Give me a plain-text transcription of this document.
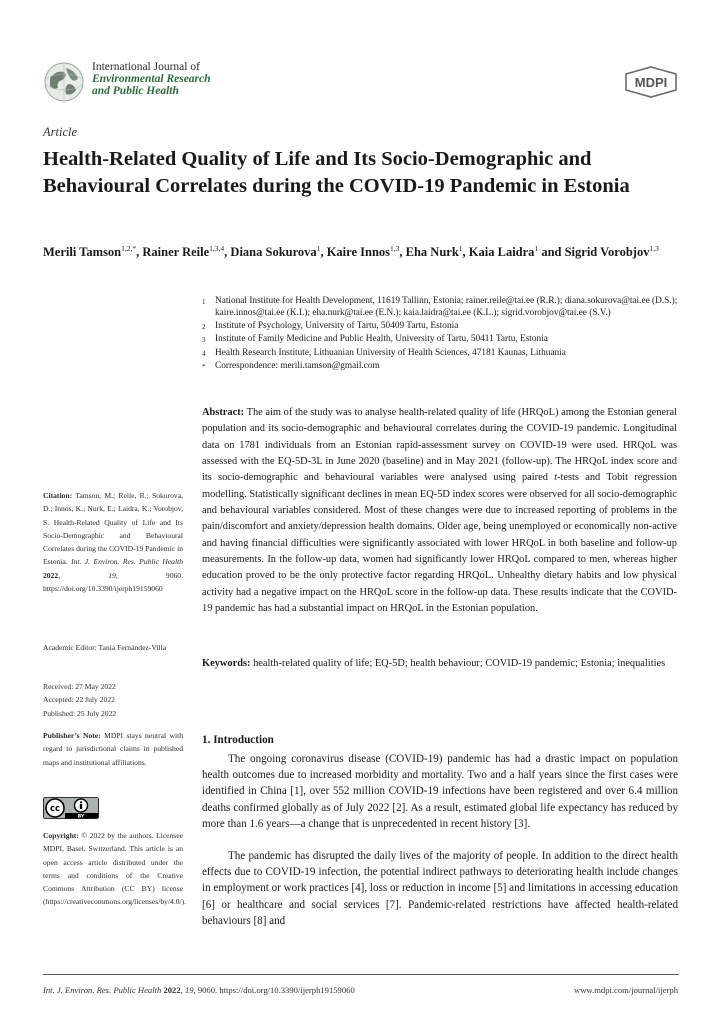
International Journal of
Environmental Research
and Public Health
MDPI
Article
Health-Related Quality of Life and Its Socio-Demographic and Behavioural Correlates during the COVID-19 Pandemic in Estonia
Merili Tamson$^{1,2,*}$, Rainer Reile$^{1,3,4}$, Diana Sokurova$^1$, Kaire Innos$^{1,3}$, Eha Nurk$^1$, Kaia Laidra$^1$ and Sigrid Vorobjov$^{1,3}$
1	National Institute for Health Development, 11619 Tallinn, Estonia; rainer.reile@tai.ee (R.R.); diana.sokurova@tai.ee (D.S.); kaire.innos@tai.ee (K.I.); eha.nurk@tai.ee (E.N.); kaia.laidra@tai.ee (K.L.); sigrid.vorobjov@tai.ee (S.V.)
2	Institute of Psychology, University of Tartu, 50409 Tartu, Estonia
3	Institute of Family Medicine and Public Health, University of Tartu, 50411 Tartu, Estonia
4	Health Research Institute, Lithuanian University of Health Sciences, 47181 Kaunas, Lithuania
*	Correspondence: merili.tamson@gmail.com

Abstract: The aim of the study was to analyse health-related quality of life (HRQoL) among the Estonian general population and its socio-demographic and behavioural correlates during the COVID-19 pandemic. Longitudinal data on 1781 individuals from an Estonian rapid-assessment survey on COVID-19 were used. HRQoL was assessed with the EQ-5D-3L in June 2020 (baseline) and in May 2021 (follow-up). The HRQoL index score and its socio-demographic and behavioural variables were analysed using paired t-tests and Tobit regression modelling. Statistically significant declines in mean EQ-5D index scores were observed for all socio-demographic and behavioural variables considered. Most of these changes were due to increased reporting of problems in the pain/discomfort and anxiety/depression health domains. Older age, being unemployed or economically non-active and having financial difficulties were significantly associated with lower HRQoL in both baseline and follow-up measurements. In the follow-up data, women had significantly lower HRQoL compared to men, whereas higher education proved to be the only protective factor regarding HRQoL. Unhealthy dietary habits and low physical activity had a negative impact on the HRQoL score in the follow-up data. These results indicate that the COVID-19 pandemic has had a substantial impact on HRQoL in the Estonian population.

Keywords: health-related quality of life; EQ-5D; health behaviour; COVID-19 pandemic; Estonia; inequalities

Citation: Tamson, M.; Reile, R.; Sokurova, D.; Innos, K.; Nurk, E.; Laidra, K.; Vorobjov, S. Health-Related Quality of Life and Its Socio-Demographic and Behavioural Correlates during the COVID-19 Pandemic in Estonia. Int. J. Environ. Res. Public Health 2022, 19, 9060. https://doi.org/10.3390/ijerph19159060

Academic Editor: Tania Fernández-Villa

Received: 27 May 2022

Accepted: 22 July 2022

Published: 25 July 2022

Publisher’s Note: MDPI stays neutral with regard to jurisdictional claims in published maps and institutional affiliations.

cc
BY

Copyright: © 2022 by the authors. Licensee MDPI, Basel, Switzerland. This article is an open access article distributed under the terms and conditions of the Creative Commons Attribution (CC BY) license (https://creativecommons.org/licenses/by/4.0/).

1. Introduction

The ongoing coronavirus disease (COVID-19) pandemic has had a drastic impact on population health outcomes due to increased morbidity and mortality. Two and a half years since the first cases were identified in China [1], over 552 million COVID-19 infections have been registered and over 6.4 million deaths confirmed globally as of July 2022 [2]. As a result, estimated global life expectancy has reduced by more than 1.6 years—a change that is unprecedented in recent history [3].

The pandemic has disrupted the daily lives of the majority of people. In addition to the direct health effects due to COVID-19 infection, the potential indirect pathways to deteriorating health include changes in employment or work practices [4], loss or reduction in income [5] and limitations in accessing education [6] or healthcare and social services [7]. Pandemic-related restrictions have affected health-related behaviours [8] and

Int. J. Environ. Res. Public Health 2022, 19, 9060. https://doi.org/10.3390/ijerph19159060	www.mdpi.com/journal/ijerph
